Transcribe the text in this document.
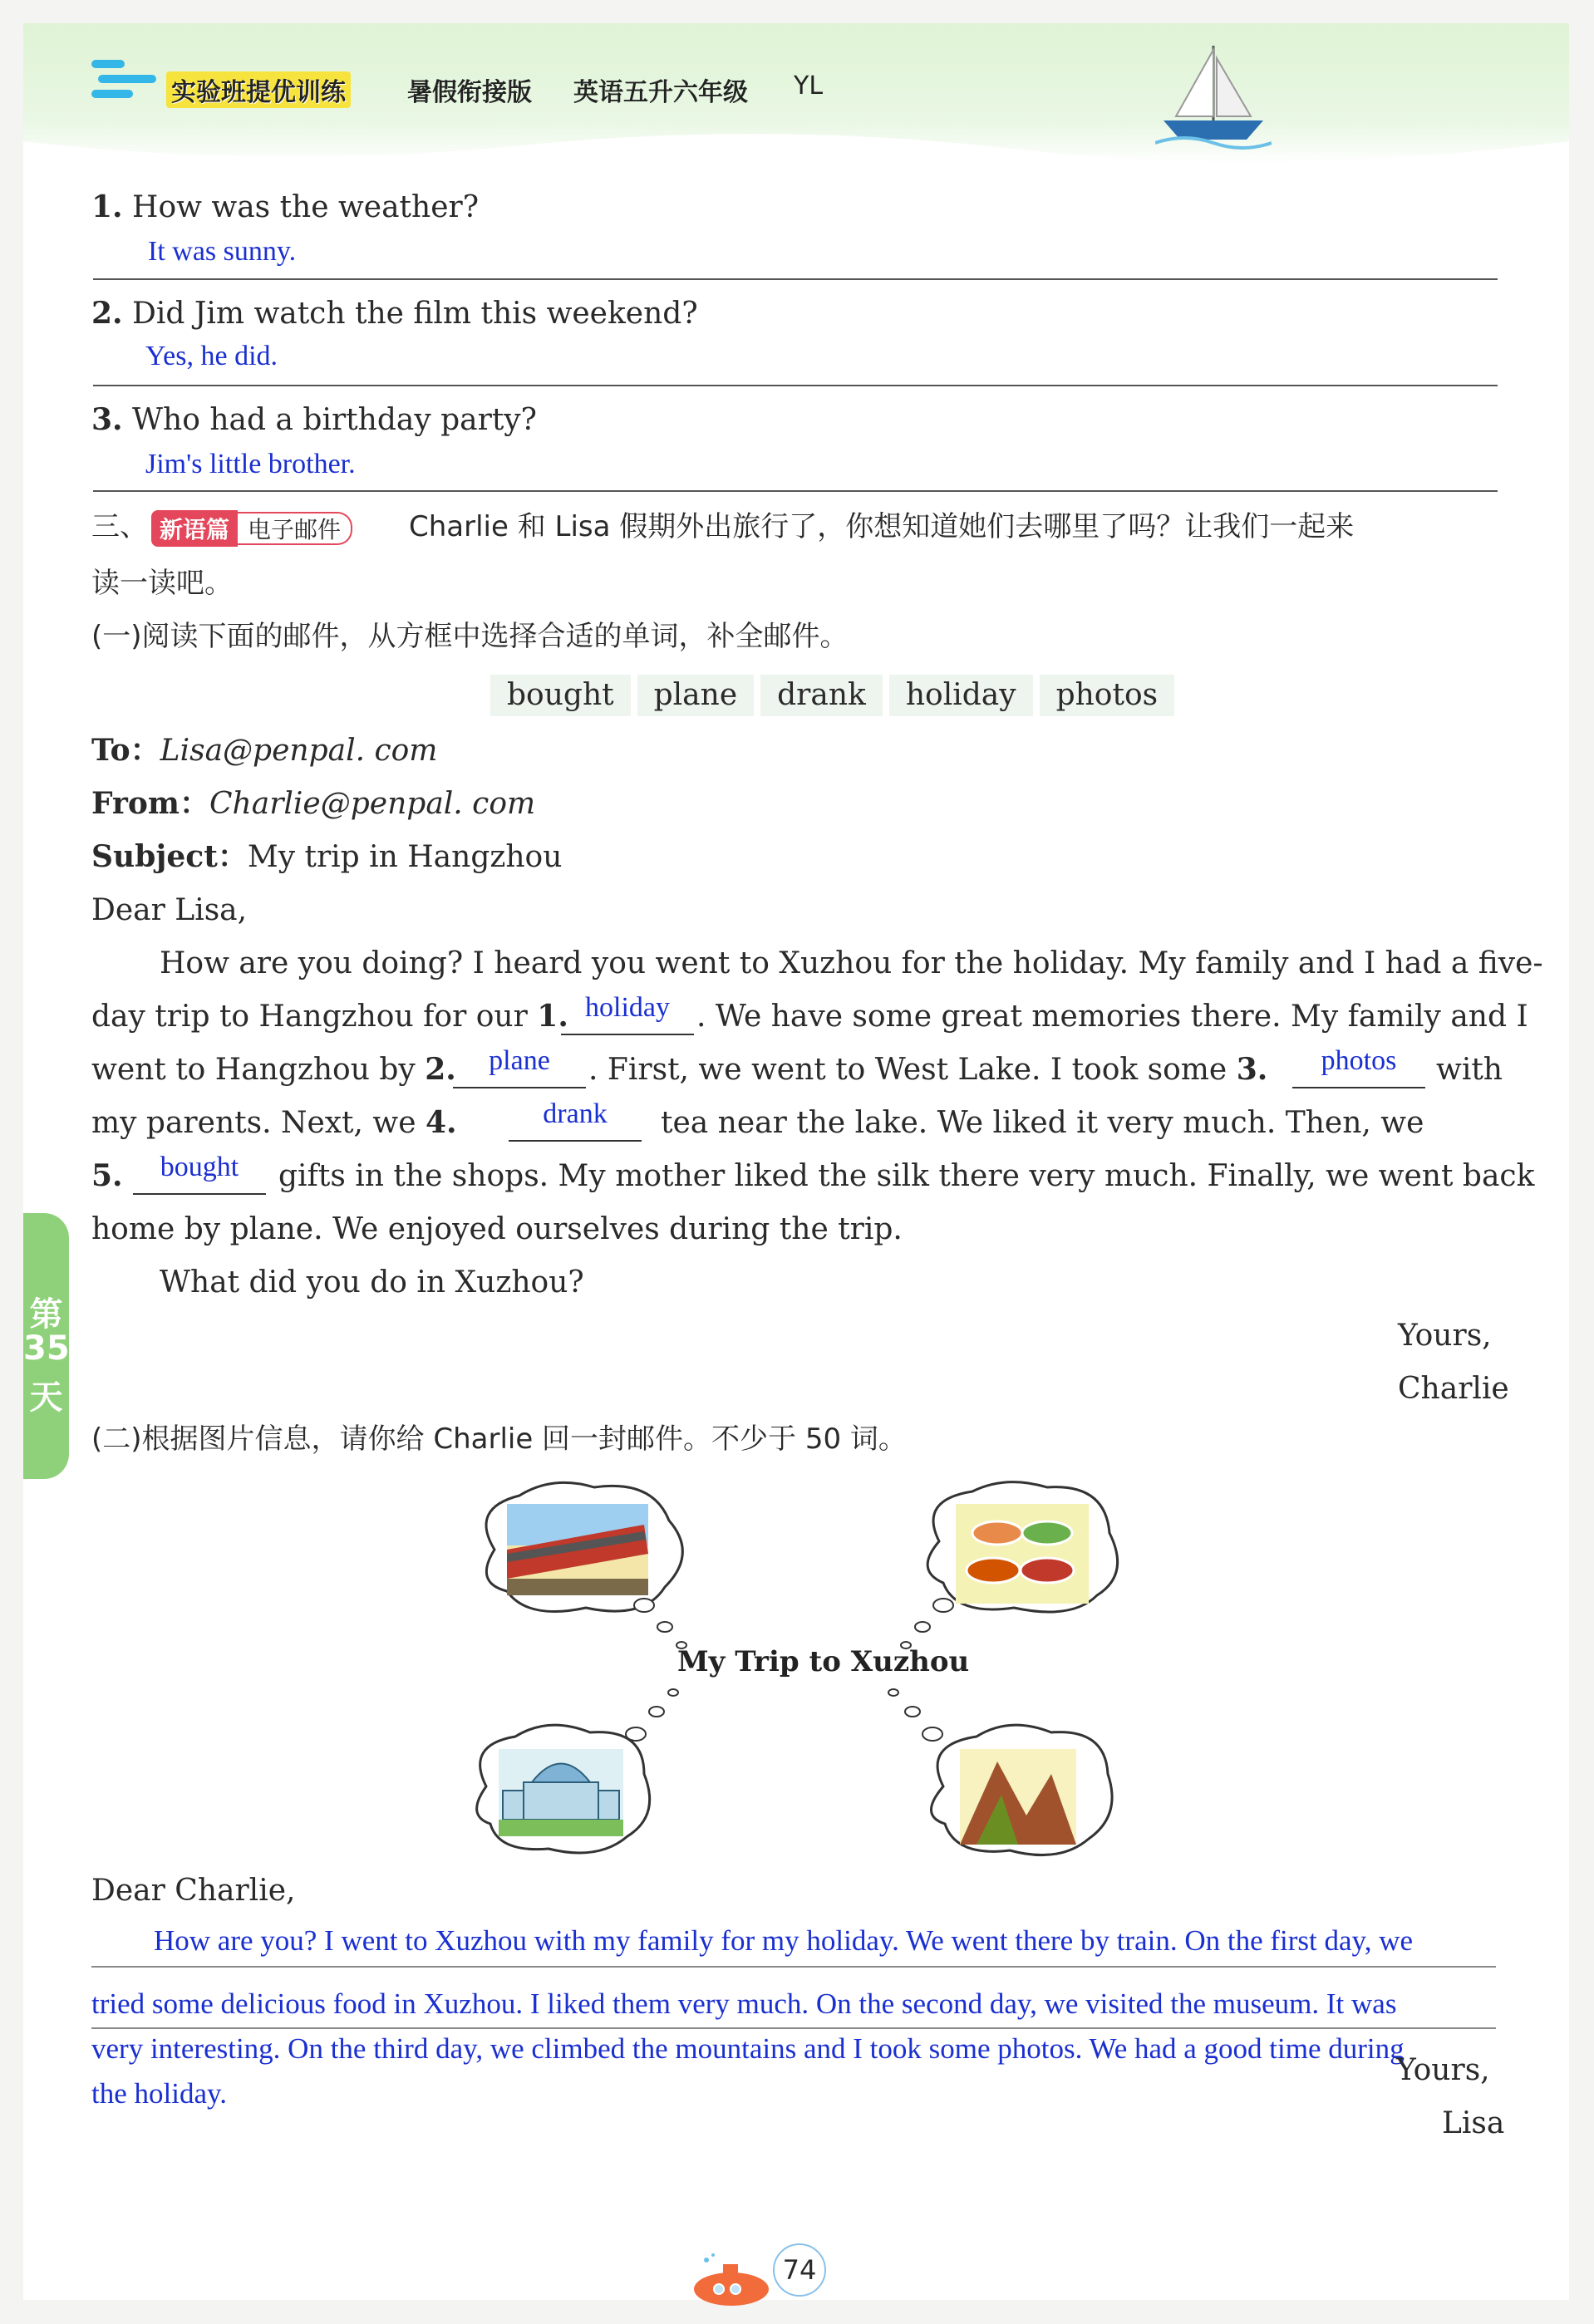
实验班提优训练 暑假衔接版 英语五升六年级 YL
1. How was the weather?
It was sunny.
2. Did Jim watch the film this weekend?
Yes, he did.
3. Who had a birthday party?
Jim's little brother.
三、 新语篇 电子邮件	Charlie 和 Lisa 假期外出旅行了，你想知道她们去哪里了吗？让我们一起来
读一读吧。
(一)阅读下面的邮件，从方框中选择合适的单词，补全邮件。
bought	plane	drank	holiday	photos
To：Lisa@penpal. com
From：Charlie@penpal. com
Subject：My trip in Hangzhou
Dear Lisa,
How are you doing? I heard you went to Xuzhou for the holiday. My family and I had a five-
day trip to Hangzhou for our 1. holiday . We have some great memories there. My family and I
went to Hangzhou by 2.	plane	. First, we went to West Lake. I took some 3.	photos	with
my parents. Next, we 4.	drank	tea near the lake. We liked it very much. Then, we
5.	bought	gifts in the shops. My mother liked the silk there very much. Finally, we went back
home by plane. We enjoyed ourselves during the trip.
What did you do in Xuzhou?
Yours,
Charlie
第
35
天
(二)根据图片信息，请你给 Charlie 回一封邮件。不少于 50 词。
My Trip to Xuzhou
Dear Charlie,
How are you? I went to Xuzhou with my family for my holiday. We went there by train. On the first day, we
tried some delicious food in Xuzhou. I liked them very much. On the second day, we visited the museum. It was
very interesting. On the third day, we climbed the mountains and I took some photos. We had a good time during
the holiday.
Yours,
Lisa
74
